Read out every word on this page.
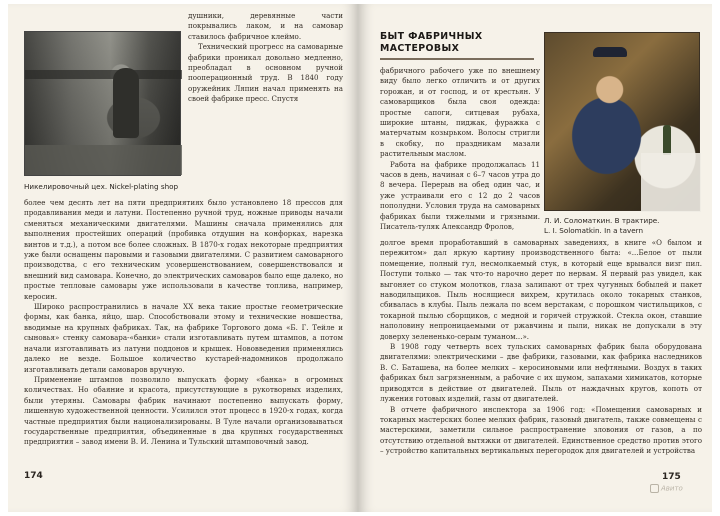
Никелировочный цех. Nickel-plating shop

душники, деревянные части покрывались лаком, и на самовар ставилось фабричное клеймо.

Технический прогресс на самоварные фабрики проникал довольно медленно, преобладал в основном ручной пооперационный труд. В 1840 году оружейник Ляпин начал применять на своей фабрике пресс. Спустя

более чем десять лет на пяти предприятиях было установлено 18 прессов для продавливания меди и латуни. Постепенно ручной труд, ножные приводы начали сменяться механическими двигателями. Машины сначала применялись для выполнения простейших операций (пробивка отдушин на конфорках, нарезка винтов и т.д.), а потом все более сложных. В 1870-х годах некоторые предприятия уже были оснащены паровыми и газовыми двигателями. С развитием самоварного производства, с его техническим усовершенствованием, совершенствовался и внешний вид самовара. Конечно, до электрических самоваров было еще далеко, но простые тепловые самовары уже использовали в качестве топлива, например, керосин.

Широко распространились в начале XX века такие простые геометрические формы, как банка, яйцо, шар. Способствовали этому и технические новшества, вводимые на крупных фабриках. Так, на фабрике Торгового дома «Б. Г. Тейле и сыновья» стенку самовара-«банки» стали изготавливать путем штампов, а потом начали изготавливать из латуни поддонов и крышек. Нововведения применялись далеко не везде. Большое количество кустарей-надомников продолжало изготавливать детали самоваров вручную.

Применение штампов позволило выпускать форму «банка» в огромных количествах. Но обаяние и красота, присутствующие в рукотворных изделиях, были утеряны. Самовары фабрик начинают постепенно выпускать форму, лишенную художественной ценности. Усилился этот процесс в 1920-х годах, когда частные предприятия были национализированы. В Туле начали организовываться государственные предприятия, объединенные в два крупных государственных предприятия – завод имени В. И. Ленина и Тульский штамповочный завод.

174
БЫТ ФАБРИЧНЫХ
МАСТЕРОВЫХ

фабричного рабочего уже по внешнему виду было легко отличить и от других горожан, и от господ, и от крестьян. У самоварщиков была своя одежда: простые сапоги, ситцевая рубаха, широкие штаны, пиджак, фуражка с матерчатым козырьком. Волосы стригли в скобку, по праздникам мазали растительным маслом.

Работа на фабрике продолжалась 11 часов в день, начиная с 6–7 часов утра до 8 вечера. Перерыв на обед один час, и уже устраивали его с 12 до 2 часов пополудни. Условия труда на самоварных фабриках были тяжелыми и грязными. Писатель-туляк Александр Фролов,

Л. И. Соломаткин. В трактире.
L. I. Solomatkin. In a tavern

долгое время проработавший в самоварных заведениях, в книге «О былом и пережитом» дал яркую картину производственного быта: «...Белое от пыли помещение, полный гул, несмолкаемый стук, в который еще врывался визг пил. Поступи только — так что-то нарочно дерет по нервам. Я первый раз увидел, как выгоняет со стуком молотков, глаза залипают от трех чугунных бобылей и пакет наводильщиков. Пыль носящиеся вихрем, крутилась около токарных станков, сбивалась в клубы. Пыль лежала по всем верстакам, с порошком чистильщиков, с токарной пылью сборщиков, с медной и горячей стружкой. Стекла окон, ставшие наполовину непроницаемыми от ржавчины и пыли, никак не допускали в эту доверху зелененько-серым туманом...».

В 1908 году четверть всех тульских самоварных фабрик была оборудована двигателями: электрическими – две фабрики, газовыми, как фабрика наследников В. С. Баташева, на более мелких – керосиновыми или нефтяными. Воздух в таких фабриках был загрязненным, а рабочие с их шумом, запахами химикатов, которые приводятся в действие от двигателей. Пыль от наждачных кругов, копоть от лужения готовых изделий, газы от двигателей.

В отчете фабричного инспектора за 1906 год: «Помещения самоварных и токарных мастерских более мелких фабрик, газовый двигатель, также совмещены с мастерскими, заметили сильное распространение зловония от газов, а по отсутствию отдельной вытяжки от двигателей. Единственное средство против этого – устройство капитальных вертикальных перегородок для двигателей и устройства

175
Авито
